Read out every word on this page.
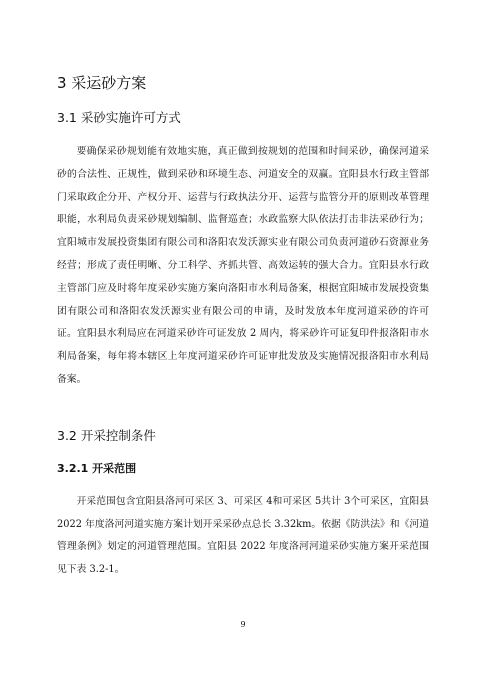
3 采运砂方案
3.1 采砂实施许可方式

要确保采砂规划能有效地实施，真正做到按规划的范围和时间采砂，确保河道采砂的合法性、正规性，做到采砂和环境生态、河道安全的双赢。宜阳县水行政主管部门采取政企分开、产权分开、运营与行政执法分开、运营与监管分开的原则改革管理职能，水利局负责采砂规划编制、监督巡查；水政监察大队依法打击非法采砂行为；宜阳城市发展投资集团有限公司和洛阳农发沃源实业有限公司负责河道砂石资源业务经营；形成了责任明晰、分工科学、齐抓共管、高效运转的强大合力。宜阳县水行政主管部门应及时将年度采砂实施方案向洛阳市水利局备案，根据宜阳城市发展投资集团有限公司和洛阳农发沃源实业有限公司的申请，及时发放本年度河道采砂的许可证。宜阳县水利局应在河道采砂许可证发放 2 周内，将采砂许可证复印件报洛阳市水利局备案，每年将本辖区上年度河道采砂许可证审批发放及实施情况报洛阳市水利局备案。

3.2 开采控制条件
3.2.1 开采范围

开采范围包含宜阳县洛河可采区 3、可采区 4和可采区 5共计 3个可采区，宜阳县 2022 年度洛河河道实施方案计划开采采砂点总长 3.32km。依据《防洪法》和《河道管理条例》划定的河道管理范围。宜阳县 2022 年度洛河河道采砂实施方案开采范围见下表 3.2-1。

9
